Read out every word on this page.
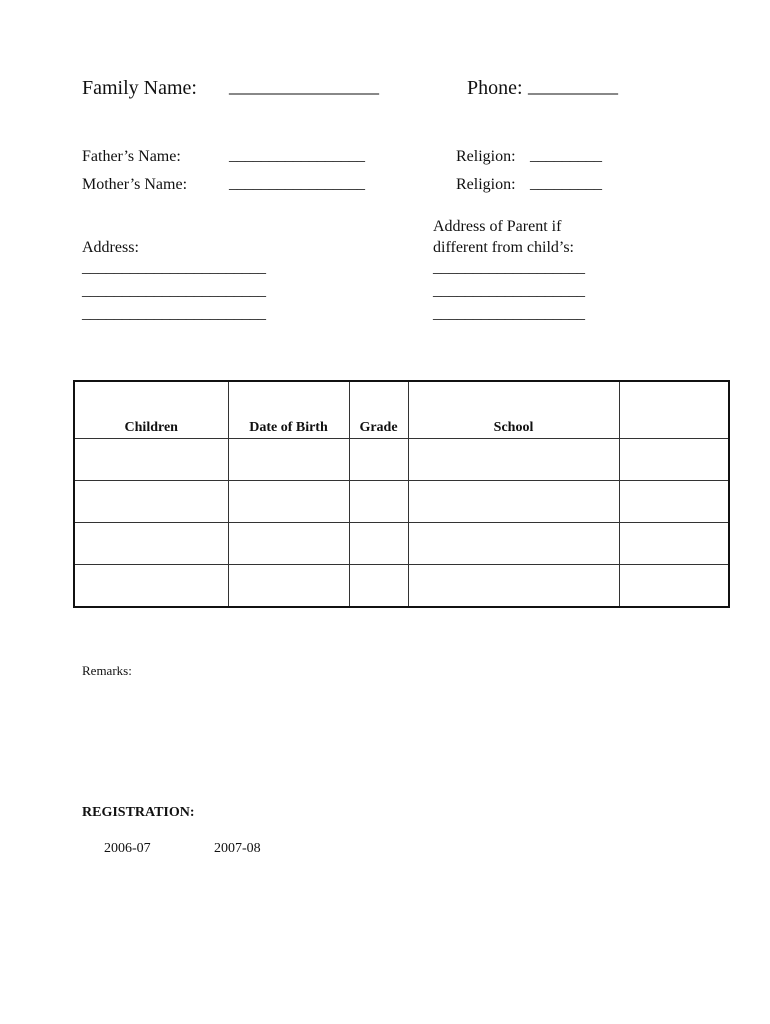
Family Name: _______________	Phone: _________
Father’s Name:	_________________	Religion: _________
Mother’s Name:	_________________	Religion: _________
Address:
_______________________
_______________________
_______________________
Address of Parent if
different from child’s:
___________________
___________________
___________________
Children	Date of Birth	Grade	School	

Remarks:
REGISTRATION:
2006-07	2007-08
